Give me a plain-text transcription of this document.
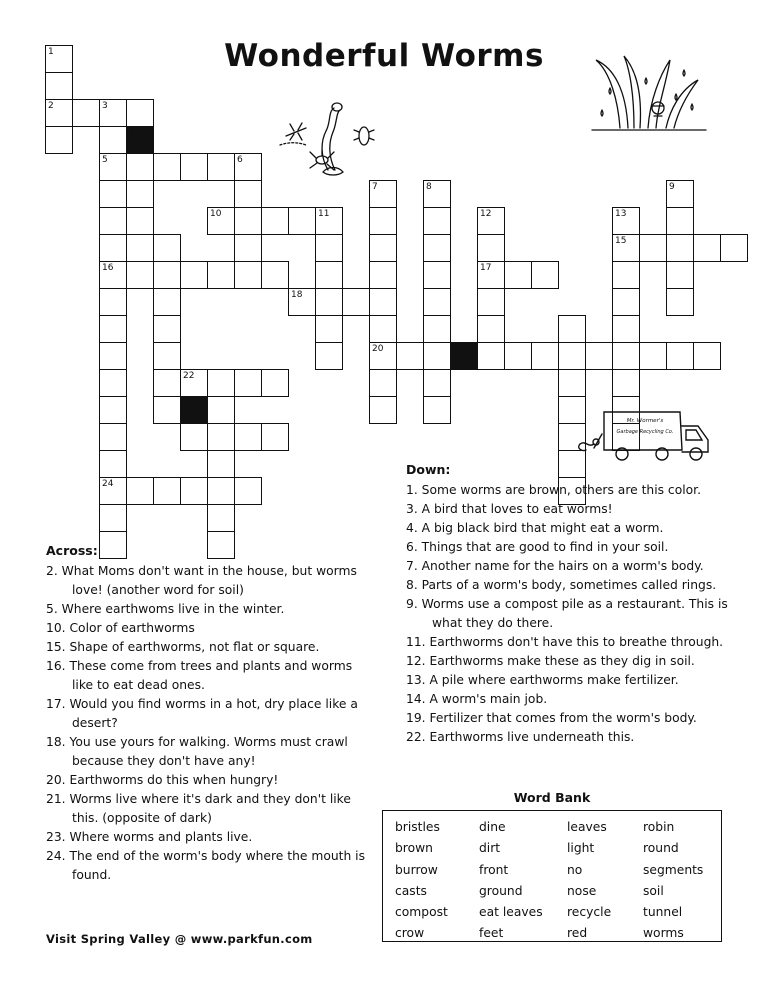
Wonderful Worms
1
2	3
5
16
24
6
10	11
7
20
8
12
17
13
15
9
18
22
4
Mr. Wormer's
Garbage Recycling Co.
Across:
2. What Moms don't want in the house, but worms love! (another word for soil)
5. Where earthwoms live in the winter.
10. Color of earthworms
15. Shape of earthworms, not flat or square.
16. These come from trees and plants and worms like to eat dead ones.
17. Would you find worms in a hot, dry place like a desert?
18. You use yours for walking. Worms must crawl because they don't have any!
20. Earthworms do this when hungry!
21. Worms live where it's dark and they don't like this. (opposite of dark)
23. Where worms and plants live.
24. The end of the worm's body where the mouth is found.
Down:
1. Some worms are brown, others are this color.
3. A bird that loves to eat worms!
4. A big black bird that might eat a worm.
6. Things that are good to find in your soil.
7. Another name for the hairs on a worm's body.
8. Parts of a worm's body, sometimes called rings.
9. Worms use a compost pile as a restaurant. This is what they do there.
11. Earthworms don't have this to breathe through.
12. Earthworms make these as they dig in soil.
13. A pile where earthworms make fertilizer.
14. A worm's main job.
19. Fertilizer that comes from the worm's body.
22. Earthworms live underneath this.
Word Bank
bristles
brown
burrow
casts
compost
crow
dine
dirt
front
ground
eat leaves
feet
leaves
light
no
nose
recycle
red
robin
round
segments
soil
tunnel
worms
Visit Spring Valley @ www.parkfun.com
